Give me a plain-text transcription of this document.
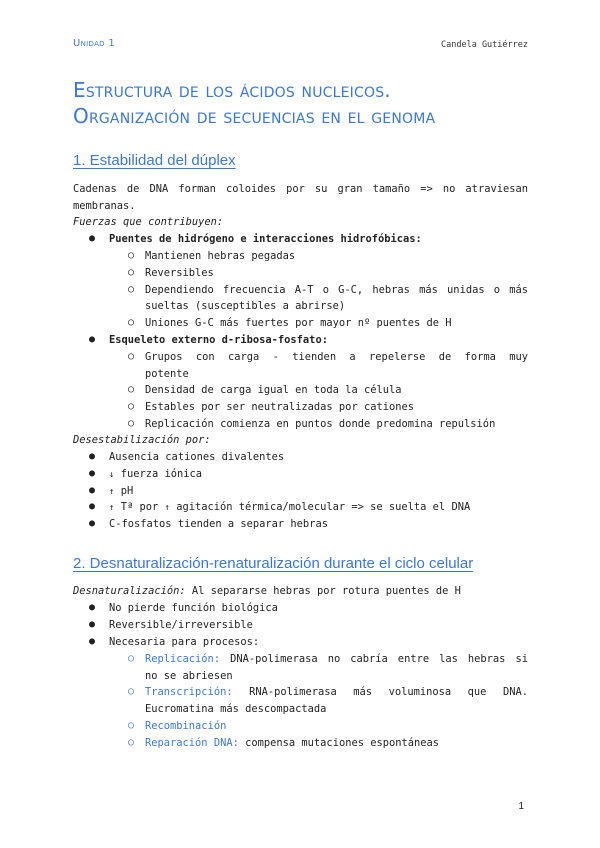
Unidad 1	Candela Gutiérrez
Estructura de los ácidos nucleicos.
Organización de secuencias en el genoma
1. Estabilidad del dúplex
Cadenas de DNA forman coloides por su gran tamaño => no atraviesan
membranas.
Fuerzas que contribuyen:
● Puentes de hidrógeno e interacciones hidrofóbicas:
○ Mantienen hebras pegadas
○ Reversibles
○ Dependiendo frecuencia A-T o G-C, hebras más unidas o más
sueltas (susceptibles a abrirse)
○ Uniones G-C más fuertes por mayor nº puentes de H
● Esqueleto externo d-ribosa-fosfato:
○ Grupos con carga - tienden a repelerse de forma muy
potente
○ Densidad de carga igual en toda la célula
○ Estables por ser neutralizadas por cationes
○ Replicación comienza en puntos donde predomina repulsión
Desestabilización por:
● Ausencia cationes divalentes
● ↓ fuerza iónica
● ↑ pH
● ↑ Tª por ↑ agitación térmica/molecular => se suelta el DNA
● C-fosfatos tienden a separar hebras
2. Desnaturalización-renaturalización durante el ciclo celular
Desnaturalización: Al separarse hebras por rotura puentes de H
● No pierde función biológica
● Reversible/irreversible
● Necesaria para procesos:
○ Replicación: DNA-polimerasa no cabría entre las hebras si
no se abriesen
○ Transcripción: RNA-polimerasa más voluminosa que DNA.
Eucromatina más descompactada
○ Recombinación
○ Reparación DNA: compensa mutaciones espontáneas
1
